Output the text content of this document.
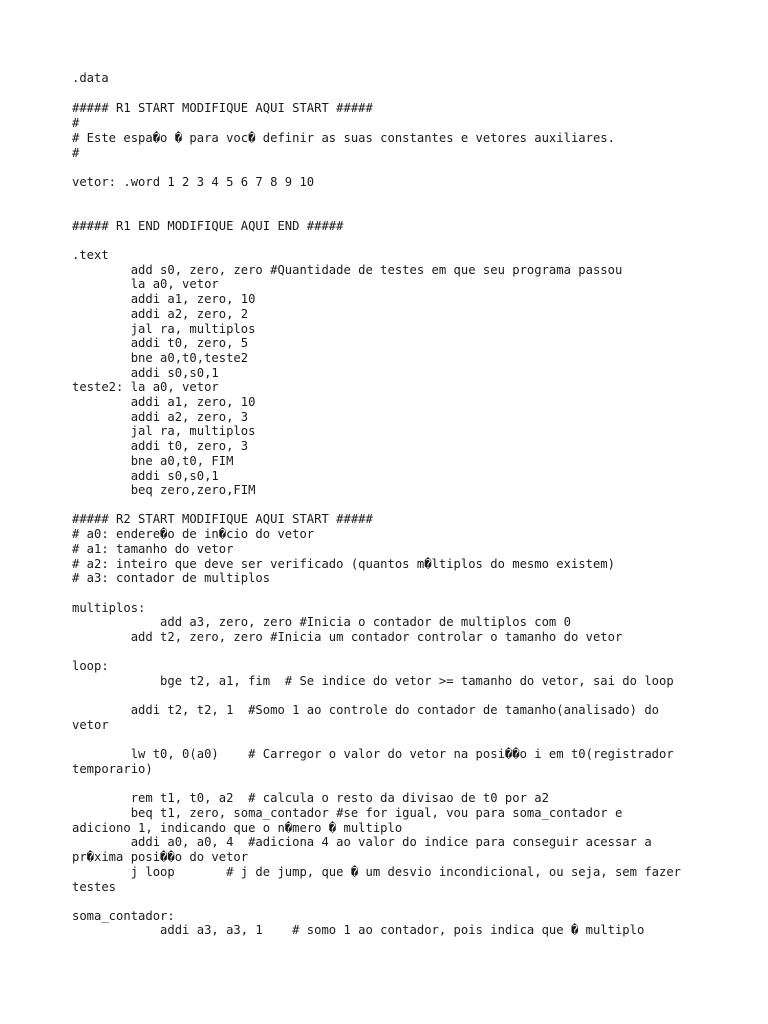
.data
##### R1 START MODIFIQUE AQUI START #####
#
# Este espa�o � para voc� definir as suas constantes e vetores auxiliares.
#
vetor: .word 1 2 3 4 5 6 7 8 9 10
##### R1 END MODIFIQUE AQUI END #####
.text
add s0, zero, zero #Quantidade de testes em que seu programa passou
la a0, vetor
addi a1, zero, 10
addi a2, zero, 2
jal ra, multiplos
addi t0, zero, 5
bne a0,t0,teste2
addi s0,s0,1
teste2: la a0, vetor
addi a1, zero, 10
addi a2, zero, 3
jal ra, multiplos
addi t0, zero, 3
bne a0,t0, FIM
addi s0,s0,1
beq zero,zero,FIM
##### R2 START MODIFIQUE AQUI START #####
# a0: endere�o de in�cio do vetor
# a1: tamanho do vetor
# a2: inteiro que deve ser verificado (quantos m�ltiplos do mesmo existem)
# a3: contador de multiplos
multiplos:
add a3, zero, zero #Inicia o contador de multiplos com 0
add t2, zero, zero #Inicia um contador controlar o tamanho do vetor
loop:
bge t2, a1, fim  # Se indice do vetor >= tamanho do vetor, sai do loop
addi t2, t2, 1  #Somo 1 ao controle do contador de tamanho(analisado) do
vetor
lw t0, 0(a0)    # Carregor o valor do vetor na posi��o i em t0(registrador
temporario)
rem t1, t0, a2  # calcula o resto da divisao de t0 por a2
beq t1, zero, soma_contador #se for igual, vou para soma_contador e
adiciono 1, indicando que o n�mero � multiplo
addi a0, a0, 4  #adiciona 4 ao valor do indice para conseguir acessar a
pr�xima posi��o do vetor
j loop       # j de jump, que � um desvio incondicional, ou seja, sem fazer
testes
soma_contador:
addi a3, a3, 1    # somo 1 ao contador, pois indica que � multiplo
